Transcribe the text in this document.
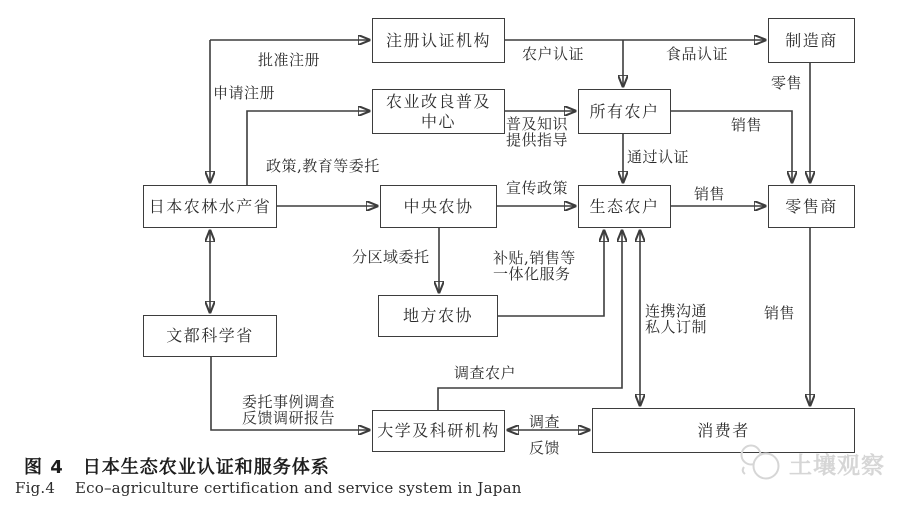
注册认证机构	制造商
农业改良普及
中心
所有农户
日本农林水产省	中央农协	生态农户	零售商
地方农协
文都科学省
大学及科研机构	消费者
批准注册
申请注册
政策,教育等委托
食品认证
农户认证
普及知识
提供指导
通过认证
销售
零售
宣传政策	销售
分区域委托	补贴,销售等
一体化服务
调查农户
连携沟通
私人订制
销售
委托事例调查
反馈调研报告	调查
反馈
图 4　日本生态农业认证和服务体系
Fig.4    Eco–agriculture certification and service system in Japan
土壤观察
